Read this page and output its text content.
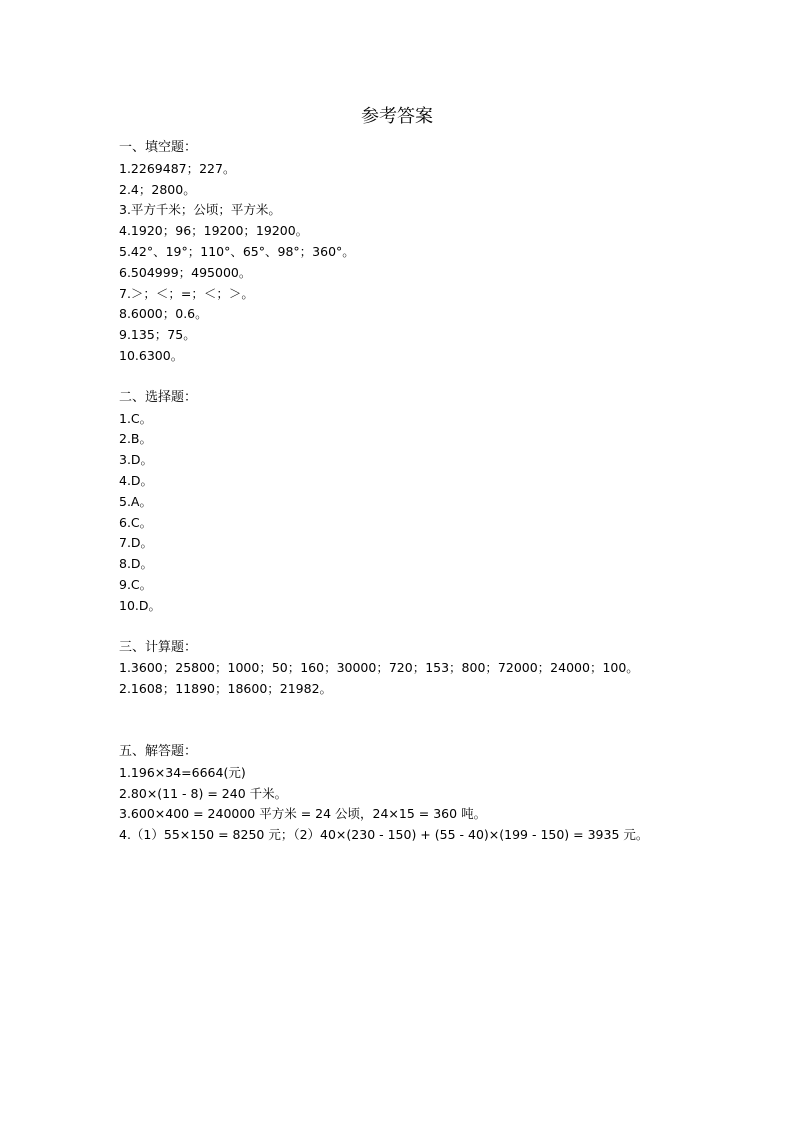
参考答案
一、填空题：
1.2269487；227。
2.4；2800。
3.平方千米；公顷；平方米。
4.1920；96；19200；19200。
5.42°、19°；110°、65°、98°；360°。
6.504999；495000。
7.＞；＜；=；＜；＞。
8.6000；0.6。
9.135；75。
10.6300。
二、选择题：
1.C。
2.B。
3.D。
4.D。
5.A。
6.C。
7.D。
8.D。
9.C。
10.D。
三、计算题：
1.3600；25800；1000；50；160；30000；720；153；800；72000；24000；100。
2.1608；11890；18600；21982。
五、解答题：
1.196×34=6664(元)
2.80×(11 - 8) = 240 千米。
3.600×400 = 240000 平方米 = 24 公顷，24×15 = 360 吨。
4.（1）55×150 = 8250 元；（2）40×(230 - 150) + (55 - 40)×(199 - 150) = 3935 元。
